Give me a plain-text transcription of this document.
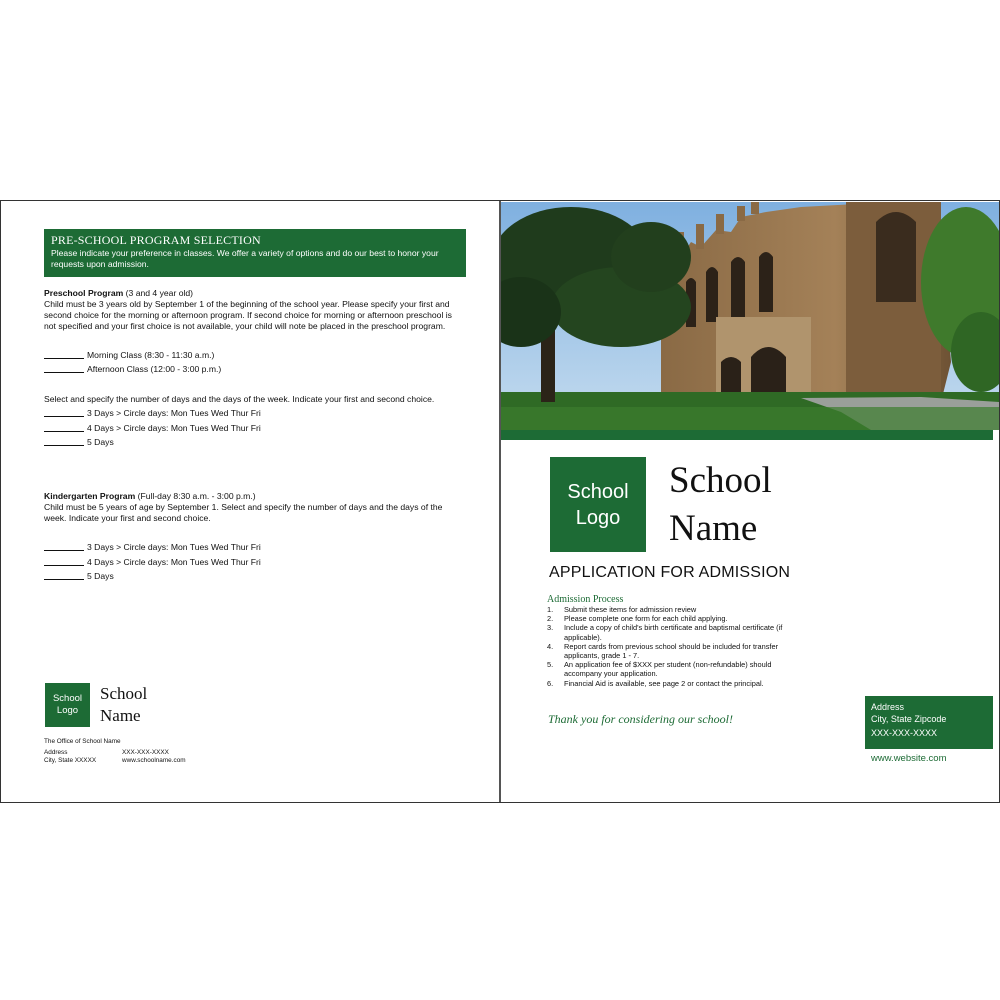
PRE-SCHOOL PROGRAM SELECTION
Please indicate your preference in classes. We offer a variety of options and do our best to honor your requests upon admission.
Preschool Program (3 and 4 year old)
Child must be 3 years old by September 1 of the beginning of the school year. Please specify your first and second choice for the morning or afternoon program. If second choice for morning or afternoon preschool is not specified and your first choice is not available, your child will note be placed in the preschool program.
Morning Class (8:30 - 11:30 a.m.)
Afternoon Class (12:00 - 3:00 p.m.)
Select and specify the number of days and the days of the week. Indicate your first and second choice.
3 Days > Circle days: Mon Tues Wed Thur Fri
4 Days > Circle days: Mon Tues Wed Thur Fri
5 Days
Kindergarten Program (Full-day 8:30 a.m. - 3:00 p.m.)
Child must be 5 years of age by September 1. Select and specify the number of days and the days of the week. Indicate your first and second choice.
3 Days > Circle days: Mon Tues Wed Thur Fri
4 Days > Circle days: Mon Tues Wed Thur Fri
5 Days
School
Logo
School
Name
The Office of School Name
Address
City, State XXXXX
XXX-XXX-XXXX
www.schoolname.com
School
Logo
School
Name
APPLICATION FOR ADMISSION
Admission Process
1.	Submit these items for admission review
2.	Please complete one form for each child applying.
3.	Include a copy of child's birth certificate and baptismal certificate (if applicable).
4.	Report cards from previous school should be included for transfer applicants, grade 1 - 7.
5.	An application fee of $XXX per student (non-refundable) should accompany your application.
6.	Financial Aid is available, see page 2 or contact the principal.
Thank you for considering our school!
Address
City, State Zipcode
XXX-XXX-XXXX
www.website.com
